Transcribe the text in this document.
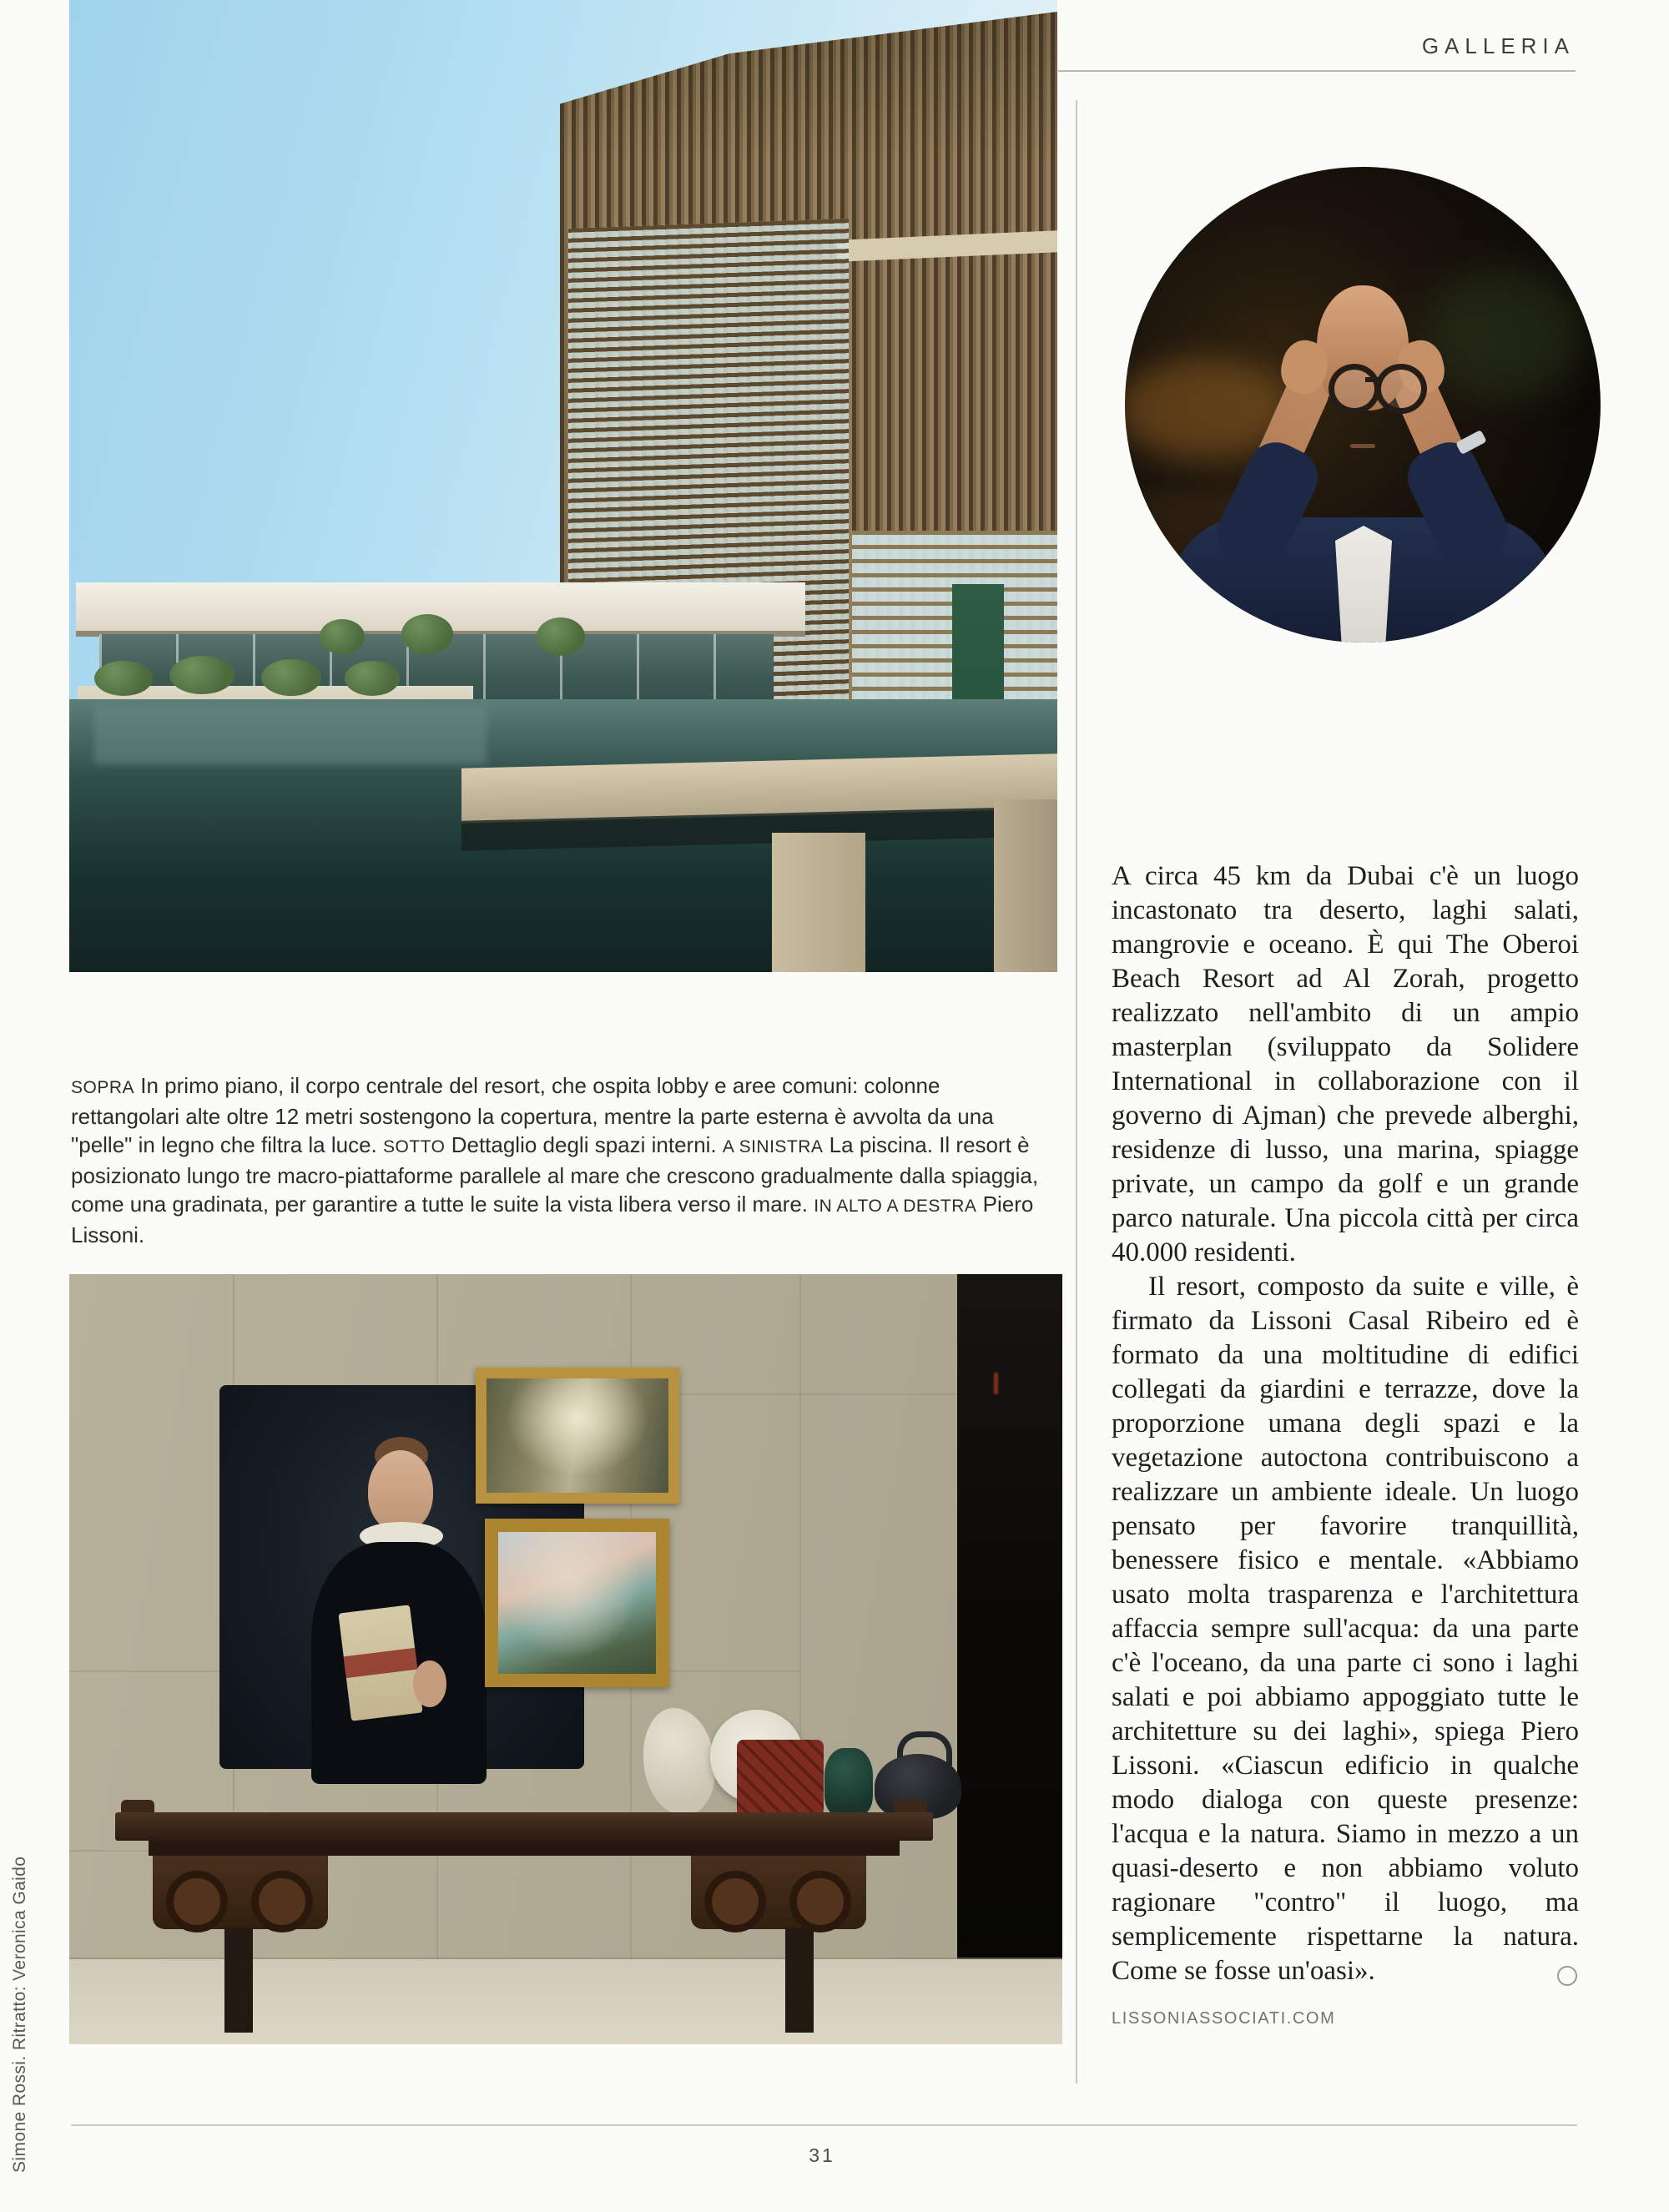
GALLERIA

SOPRA In primo piano, il corpo centrale del resort, che ospita lobby e aree comuni: colonne rettangolari alte oltre 12 metri sostengono la copertura, mentre la parte esterna è avvolta da una "pelle" in legno che filtra la luce. SOTTO Dettaglio degli spazi interni. A SINISTRA La piscina. Il resort è posizionato lungo tre macro-piattaforme parallele al mare che crescono gradualmente dalla spiaggia, come una gradinata, per garantire a tutte le suite la vista libera verso il mare. IN ALTO A DESTRA Piero Lissoni.

A circa 45 km da Dubai c'è un luogo incastonato tra deserto, laghi salati, mangrovie e oceano. È qui The Oberoi Beach Resort ad Al Zorah, progetto realizzato nell'ambito di un ampio masterplan (sviluppato da Solidere International in collaborazione con il governo di Ajman) che prevede alberghi, residenze di lusso, una marina, spiagge private, un campo da golf e un grande parco naturale. Una piccola città per circa 40.000 residenti.

Il resort, composto da suite e ville, è firmato da Lissoni Casal Ribeiro ed è formato da una moltitudine di edifici collegati da giardini e terrazze, dove la proporzione umana degli spazi e la vegetazione autoctona contribuiscono a realizzare un ambiente ideale. Un luogo pensato per favorire tranquillità, benessere fisico e mentale. «Abbiamo usato molta trasparenza e l'architettura affaccia sempre sull'acqua: da una parte c'è l'oceano, da una parte ci sono i laghi salati e poi abbiamo appoggiato tutte le architetture su dei laghi», spiega Piero Lissoni. «Ciascun edificio in qualche modo dialoga con queste presenze: l'acqua e la natura. Siamo in mezzo a un quasi-deserto e non abbiamo voluto ragionare "contro" il luogo, ma semplicemente rispettarne la natura. Come se fosse un'oasi».

LISSONIASSOCIATI.COM
Simone Rossi. Ritratto: Veronica Gaido	31
